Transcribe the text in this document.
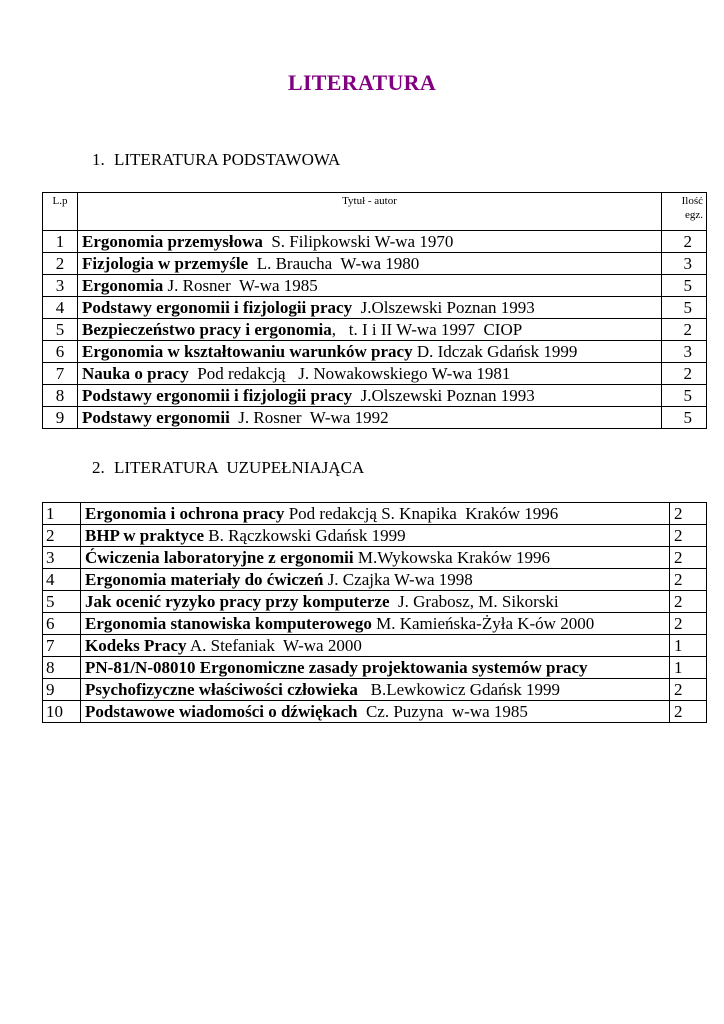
LITERATURA
1. LITERATURA PODSTAWOWA
L.p	Tytuł - autor	Ilość
egz.
1	Ergonomia przemysłowa  S. Filipkowski W-wa 1970	2
2	Fizjologia w przemyśle  L. Braucha  W-wa 1980	3
3	Ergonomia J. Rosner  W-wa 1985	5
4	Podstawy ergonomii i fizjologii pracy  J.Olszewski Poznan 1993	5
5	Bezpieczeństwo pracy i ergonomia,   t. I i II W-wa 1997  CIOP	2
6	Ergonomia w kształtowaniu warunków pracy D. Idczak Gdańsk 1999	3
7	Nauka o pracy  Pod redakcją   J. Nowakowskiego W-wa 1981	2
8	Podstawy ergonomii i fizjologii pracy  J.Olszewski Poznan 1993	5
9	Podstawy ergonomii  J. Rosner  W-wa 1992	5
2. LITERATURA  UZUPEŁNIAJĄCA
1	Ergonomia i ochrona pracy Pod redakcją S. Knapika  Kraków 1996	2
2	BHP w praktyce B. Rączkowski Gdańsk 1999	2
3	Ćwiczenia laboratoryjne z ergonomii M.Wykowska Kraków 1996	2
4	Ergonomia materiały do ćwiczeń J. Czajka W-wa 1998	2
5	Jak ocenić ryzyko pracy przy komputerze  J. Grabosz, M. Sikorski	2
6	Ergonomia stanowiska komputerowego M. Kamieńska-Żyła K-ów 2000	2
7	Kodeks Pracy A. Stefaniak  W-wa 2000	1
8	PN-81/N-08010 Ergonomiczne zasady projektowania systemów pracy	1
9	Psychofizyczne właściwości człowieka   B.Lewkowicz Gdańsk 1999	2
10	Podstawowe wiadomości o dźwiękach  Cz. Puzyna  w-wa 1985	2
